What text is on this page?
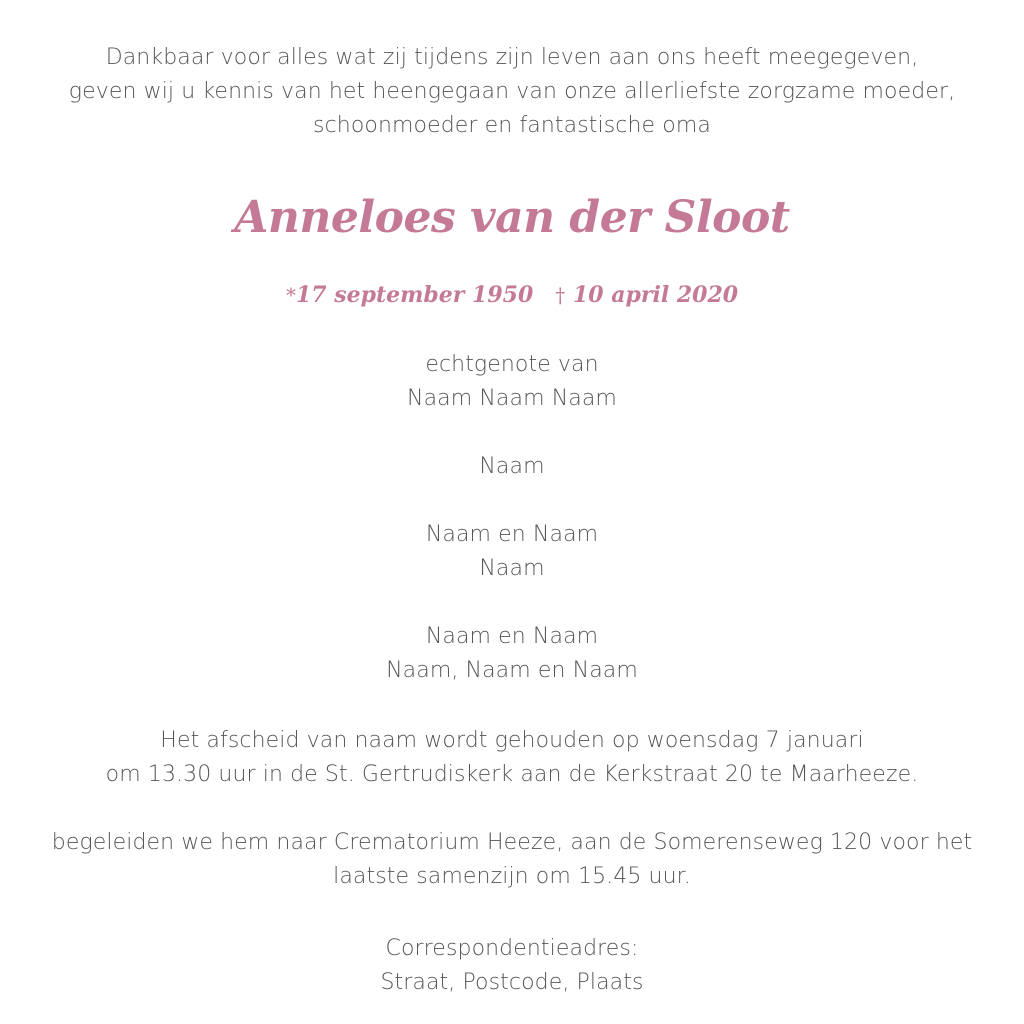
Dankbaar voor alles wat zij tijdens zijn leven aan ons heeft meegegeven,
geven wij u kennis van het heengegaan van onze allerliefste zorgzame moeder,
schoonmoeder en fantastische oma
Anneloes van der Sloot
*17 september 1950 † 10 april 2020
echtgenote van
Naam Naam Naam
Naam
Naam en Naam
Naam
Naam en Naam
Naam, Naam en Naam
Het afscheid van naam wordt gehouden op woensdag 7 januari
om 13.30 uur in de St. Gertrudiskerk aan de Kerkstraat 20 te Maarheeze.
begeleiden we hem naar Crematorium Heeze, aan de Somerenseweg 120 voor het
laatste samenzijn om 15.45 uur.
Correspondentieadres:
Straat, Postcode, Plaats
